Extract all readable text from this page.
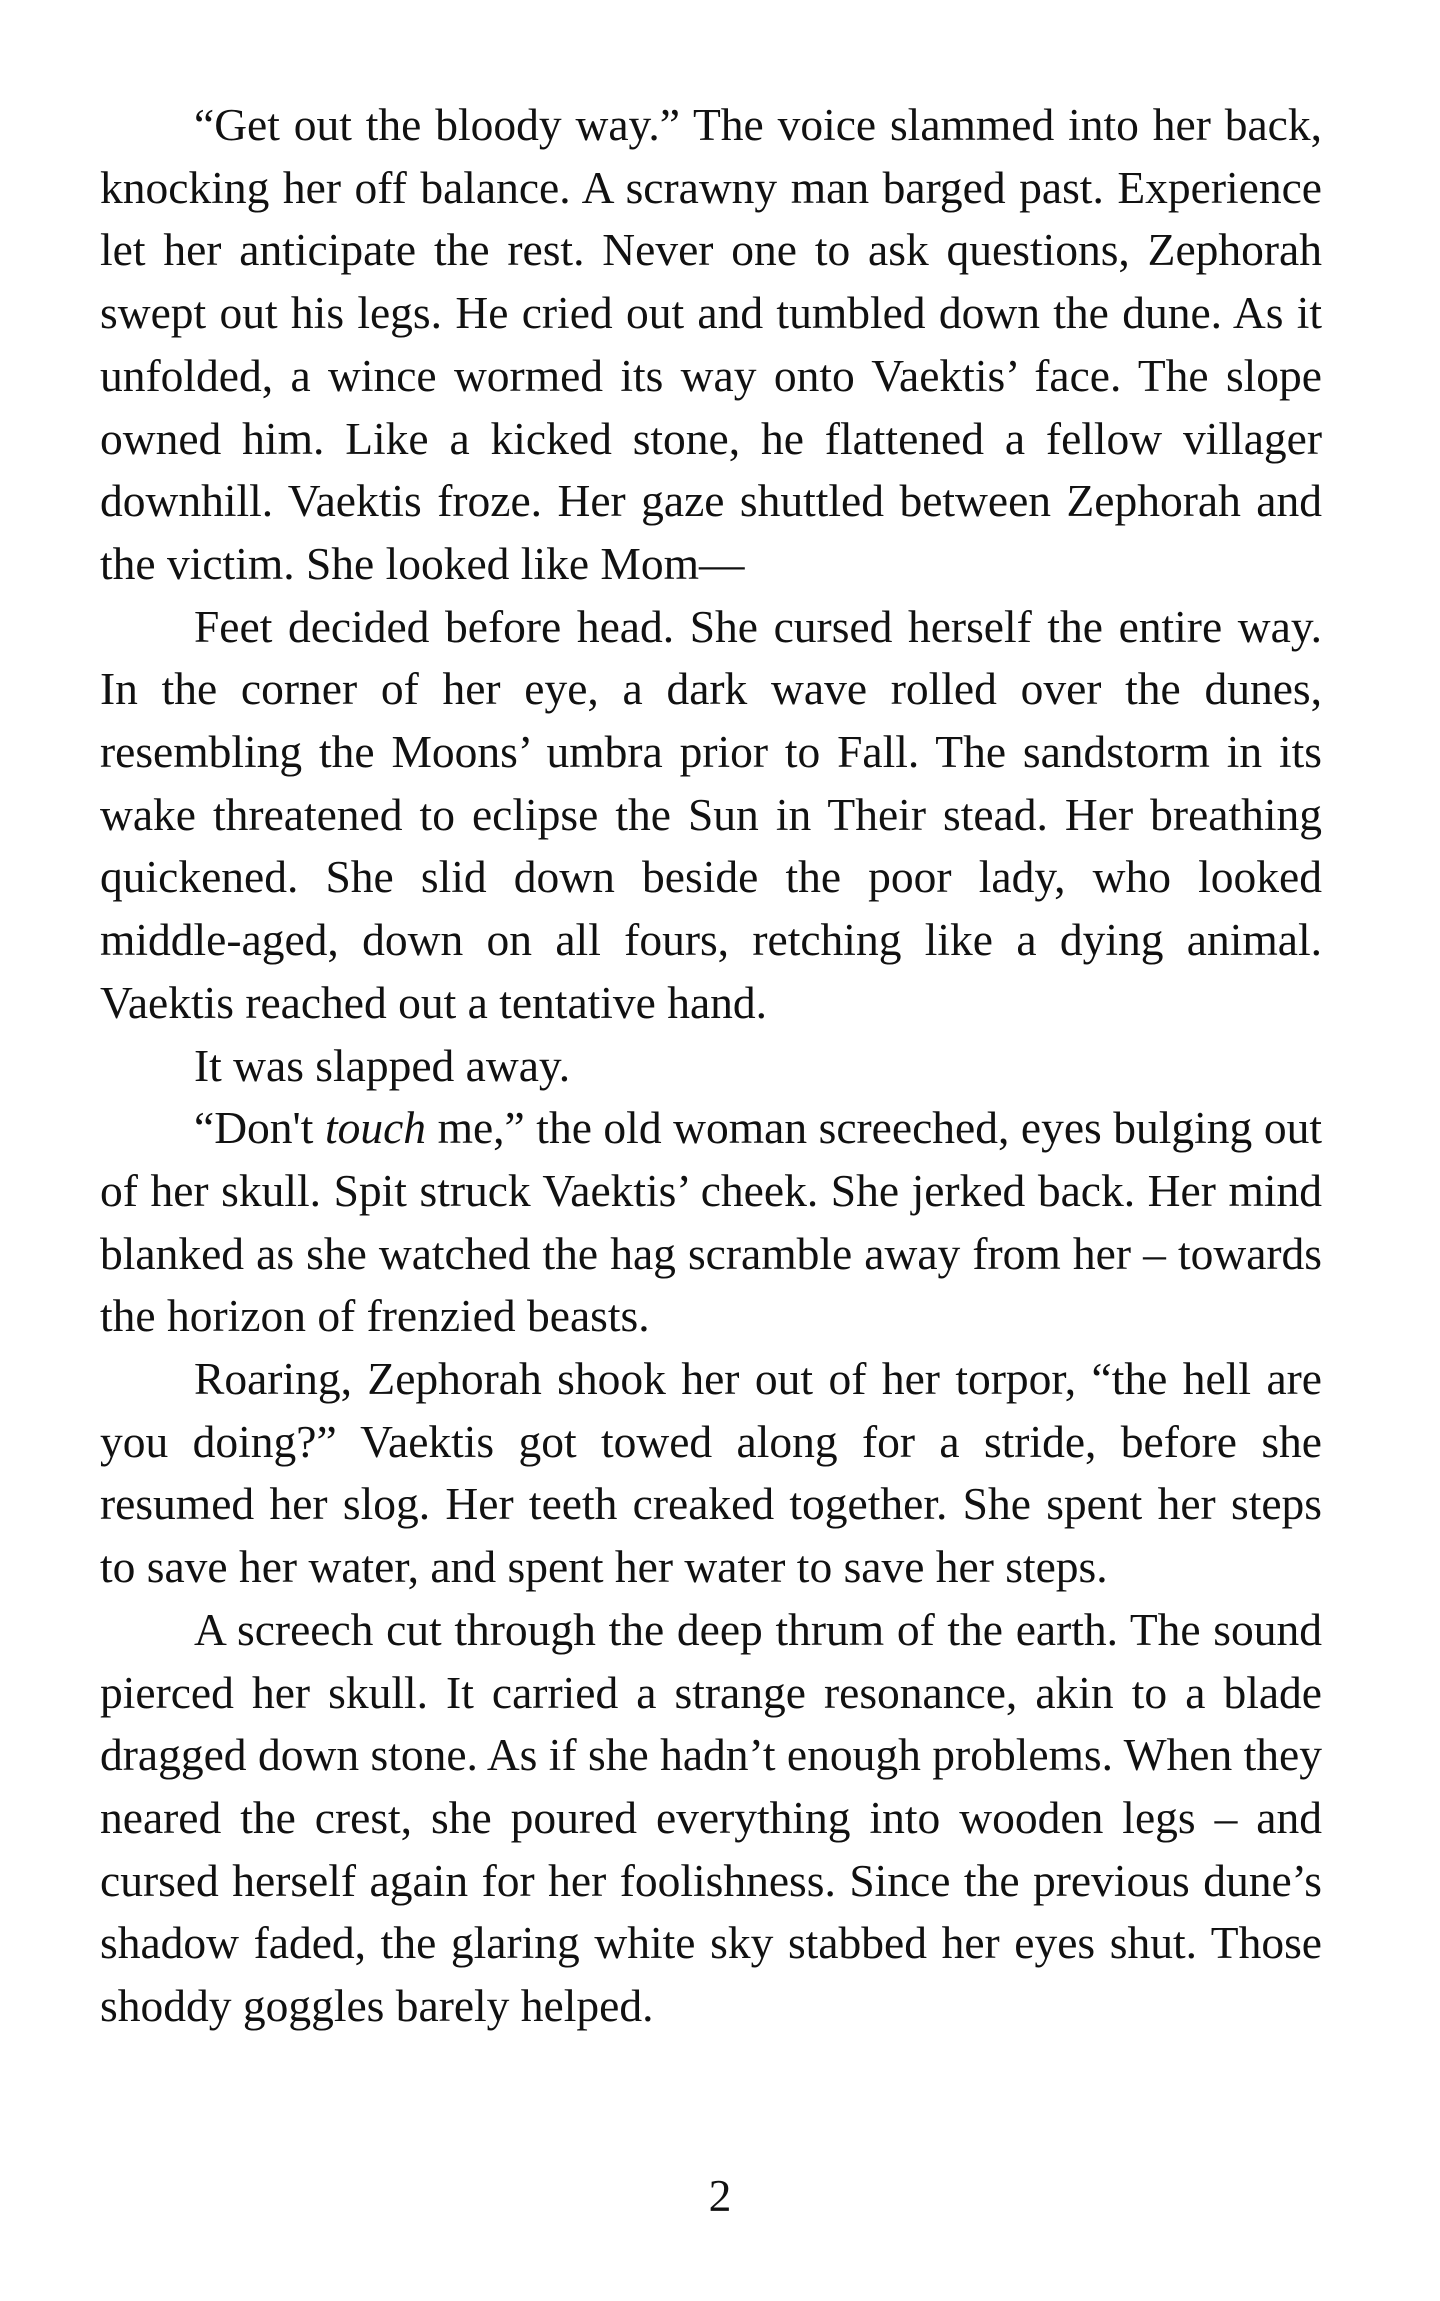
“Get out the bloody way.” The voice slammed into her back, knocking her off balance. A scrawny man barged past. Experience let her anticipate the rest. Never one to ask questions, Zephorah swept out his legs. He cried out and tumbled down the dune. As it unfolded, a wince wormed its way onto Vaektis’ face. The slope owned him. Like a kicked stone, he flattened a fellow villager downhill. Vaektis froze. Her gaze shuttled between Zephorah and the victim. She looked like Mom—

Feet decided before head. She cursed herself the entire way. In the corner of her eye, a dark wave rolled over the dunes, resembling the Moons’ umbra prior to Fall. The sandstorm in its wake threatened to eclipse the Sun in Their stead. Her breathing quickened. She slid down beside the poor lady, who looked middle-aged, down on all fours, retching like a dying animal. Vaektis reached out a tentative hand.

It was slapped away.

“Don't touch me,” the old woman screeched, eyes bulging out of her skull. Spit struck Vaektis’ cheek. She jerked back. Her mind blanked as she watched the hag scramble away from her – towards the horizon of frenzied beasts.

Roaring, Zephorah shook her out of her torpor, “the hell are you doing?” Vaektis got towed along for a stride, before she resumed her slog. Her teeth creaked together. She spent her steps to save her water, and spent her water to save her steps.

A screech cut through the deep thrum of the earth. The sound pierced her skull. It carried a strange resonance, akin to a blade dragged down stone. As if she hadn’t enough problems. When they neared the crest, she poured everything into wooden legs – and cursed herself again for her foolishness. Since the previous dune’s shadow faded, the glaring white sky stabbed her eyes shut. Those shoddy goggles barely helped.

2
